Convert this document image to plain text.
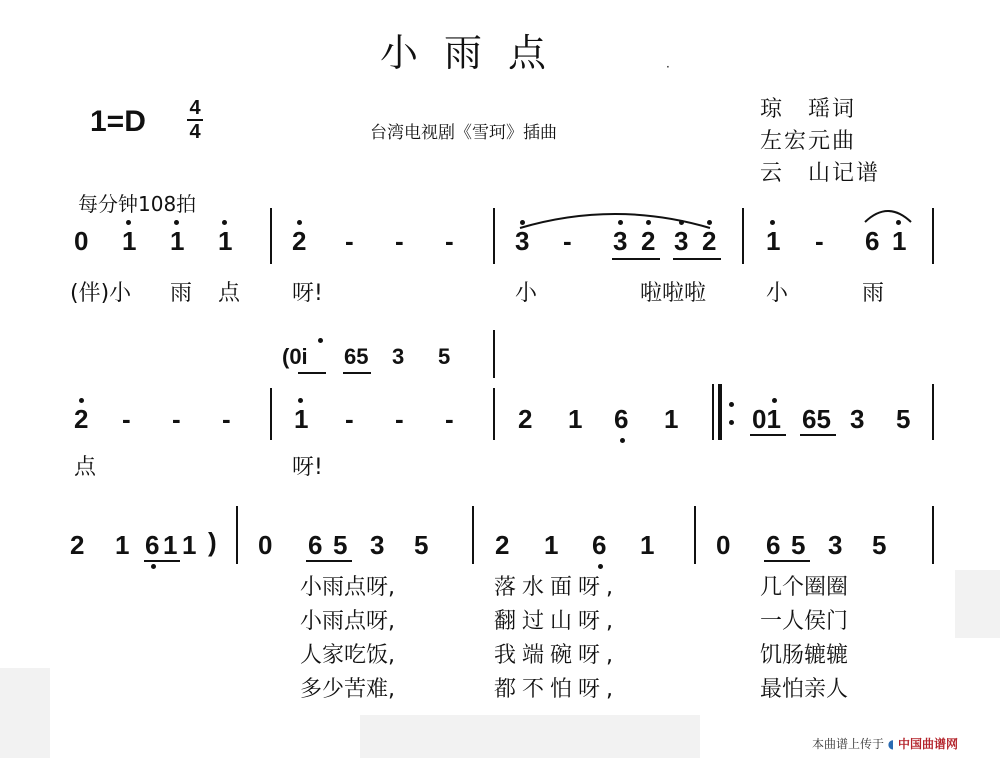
小雨点	·
1=D 4
4	台湾电视剧《雪珂》插曲
琼　瑶词
左宏元曲
云　山记谱
每分钟108拍
0 1 1 1 2 - - - 3 - 3 2 3 2 1 - 6 1
(伴)小 雨 点 呀!	小	啦啦啦	小	雨
(0i 65 3 5
2 - - - 1 - - - 2 1 6 1	01 65 3 5
点	呀!
2 1 6 1 1 ) 0 6 5 3 5	2 1 6 1 0 6 5 3 5
小雨点呀,	落水面呀,	几个圈圈
小雨点呀,	翻过山呀,	一人侯门
人家吃饭,	我端碗呀,	饥肠辘辘
多少苦难,	都不怕呀,	最怕亲人
本曲谱上传于 ◖ 中国曲谱网
